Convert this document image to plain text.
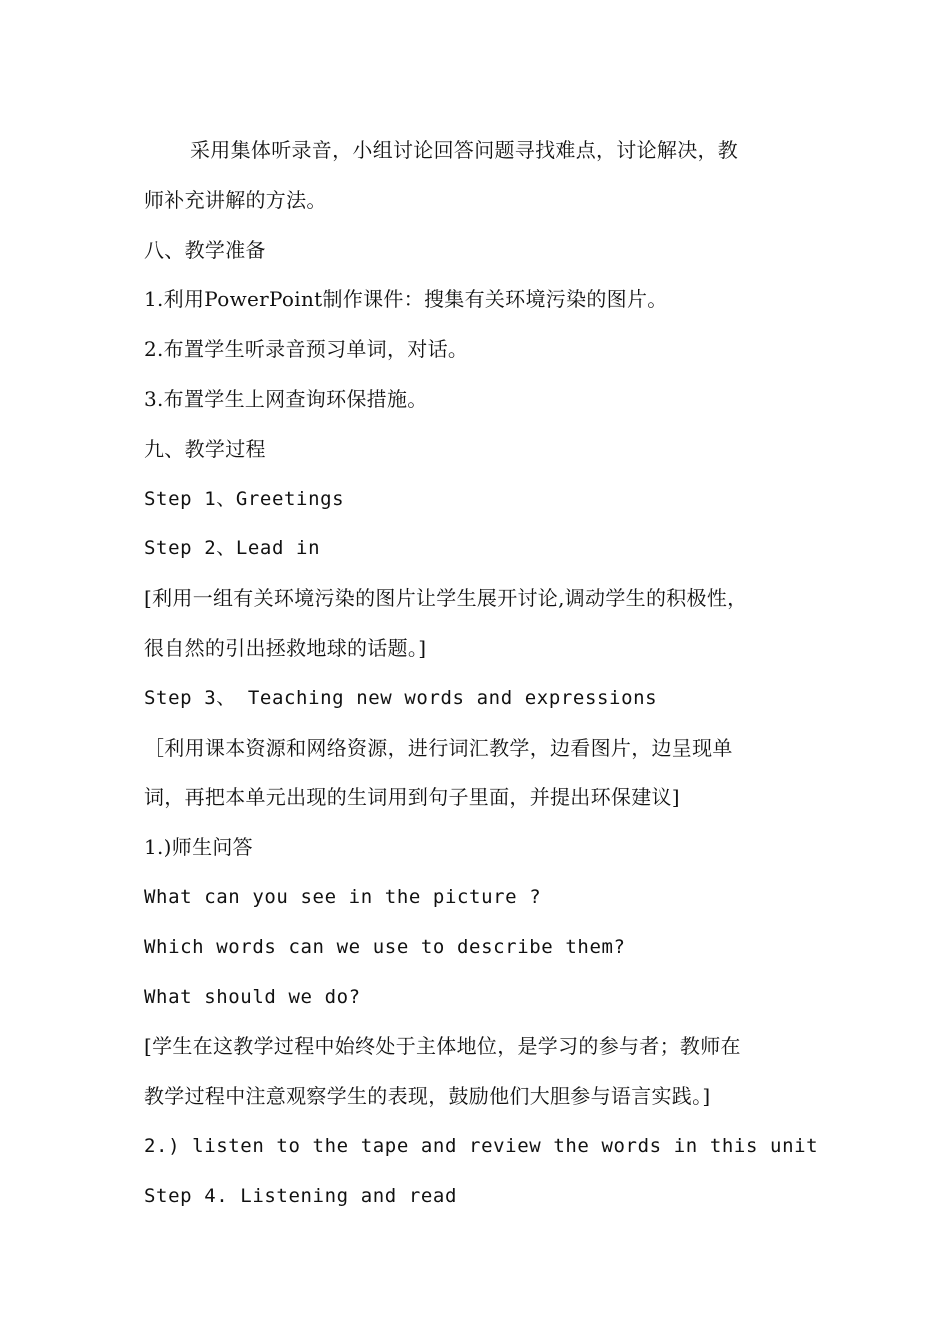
采用集体听录音，小组讨论回答问题寻找难点，讨论解决，教
师补充讲解的方法。
八、教学准备
1.利用PowerPoint制作课件：搜集有关环境污染的图片。
2.布置学生听录音预习单词，对话。
3.布置学生上网查询环保措施。
九、教学过程
Step 1、Greetings
Step 2、Lead in
[利用一组有关环境污染的图片让学生展开讨论,调动学生的积极性，
很自然的引出拯救地球的话题。]
Step 3、 Teaching new words and expressions
［利用课本资源和网络资源，进行词汇教学，边看图片，边呈现单
词，再把本单元出现的生词用到句子里面，并提出环保建议]
1.)师生问答
What can you see in the picture ?
Which words can we use to describe them?
What should we do?
[学生在这教学过程中始终处于主体地位，是学习的参与者；教师在
教学过程中注意观察学生的表现，鼓励他们大胆参与语言实践。]
2.) listen to the tape and review the words in this unit
Step 4. Listening and read
